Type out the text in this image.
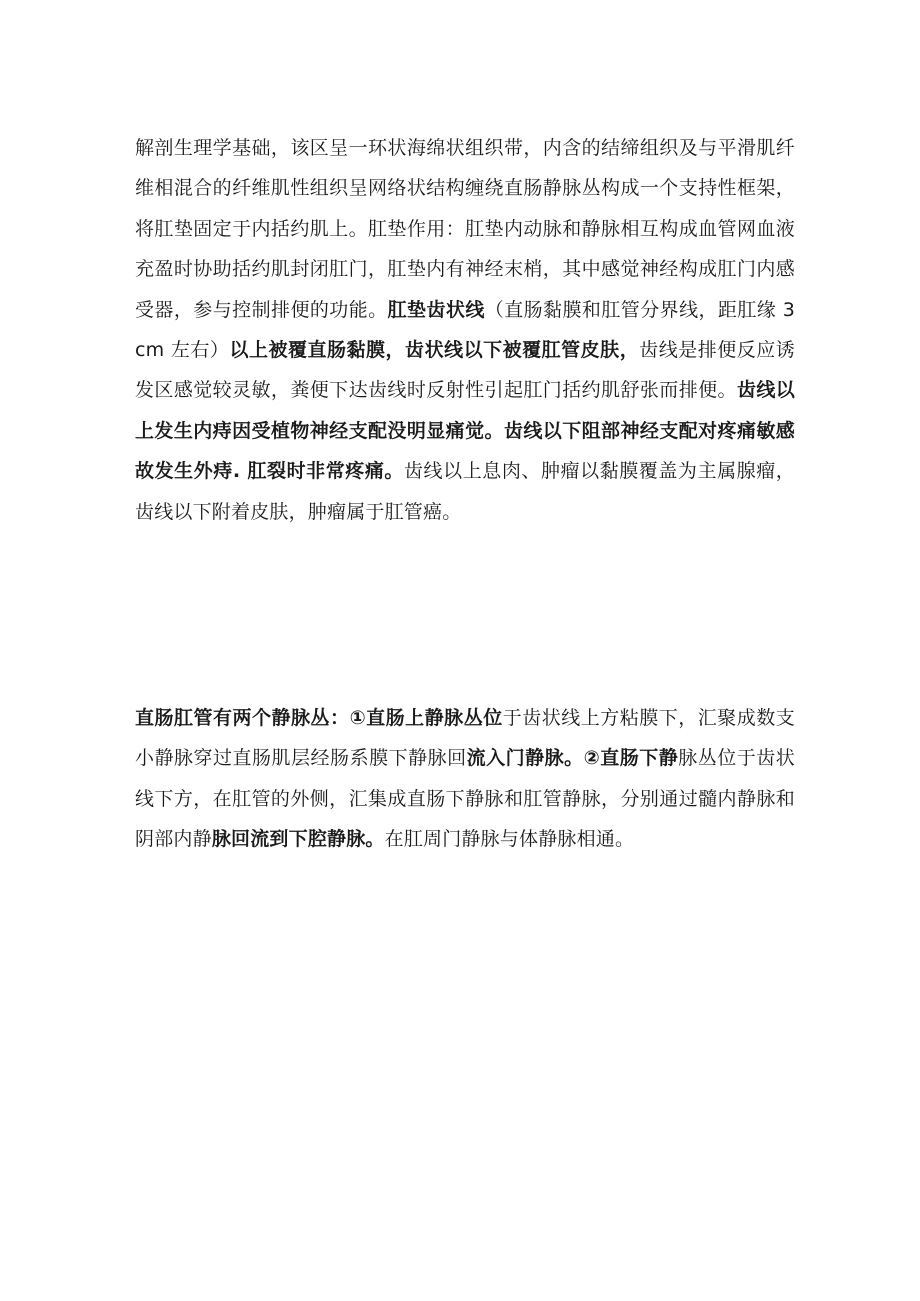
解剖生理学基础，该区呈一环状海绵状组织带，内含的结缔组织及与平滑肌纤维相混合的纤维肌性组织呈网络状结构缠绕直肠静脉丛构成一个支持性框架，将肛垫固定于内括约肌上。肛垫作用：肛垫内动脉和静脉相互构成血管网血液充盈时协助括约肌封闭肛门，肛垫内有神经末梢，其中感觉神经构成肛门内感受器，参与控制排便的功能。肛垫齿状线（直肠黏膜和肛管分界线，距肛缘 3cm 左右）以上被覆直肠黏膜，齿状线以下被覆肛管皮肤，齿线是排便反应诱发区感觉较灵敏，粪便下达齿线时反射性引起肛门括约肌舒张而排便。齿线以上发生内痔因受植物神经支配没明显痛觉。齿线以下阻部神经支配对疼痛敏感故发生外痔. 肛裂时非常疼痛。齿线以上息肉、肿瘤以黏膜覆盖为主属腺瘤，齿线以下附着皮肤，肿瘤属于肛管癌。

直肠肛管有两个静脉丛：①直肠上静脉丛位于齿状线上方粘膜下，汇聚成数支小静脉穿过直肠肌层经肠系膜下静脉回流入门静脉。②直肠下静脉丛位于齿状线下方，在肛管的外侧，汇集成直肠下静脉和肛管静脉，分别通过髓内静脉和阴部内静脉回流到下腔静脉。在肛周门静脉与体静脉相通。
